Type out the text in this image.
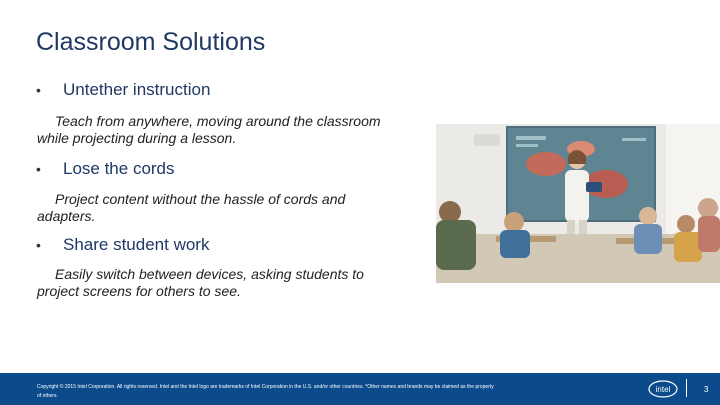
Classroom Solutions
• Untether instruction
Teach from anywhere, moving around the classroom
while projecting during a lesson.
• Lose the cords
Project content without the hassle of cords and
adapters.
• Share student work
Easily switch between devices, asking students to
project screens for others to see.
Copyright © 2015 Intel Corporation. All rights reserved. Intel and the Intel logo are trademarks of Intel Corporation in the U.S. and/or other countries. *Other names and brands may be claimed as the property of others.
intel	3
